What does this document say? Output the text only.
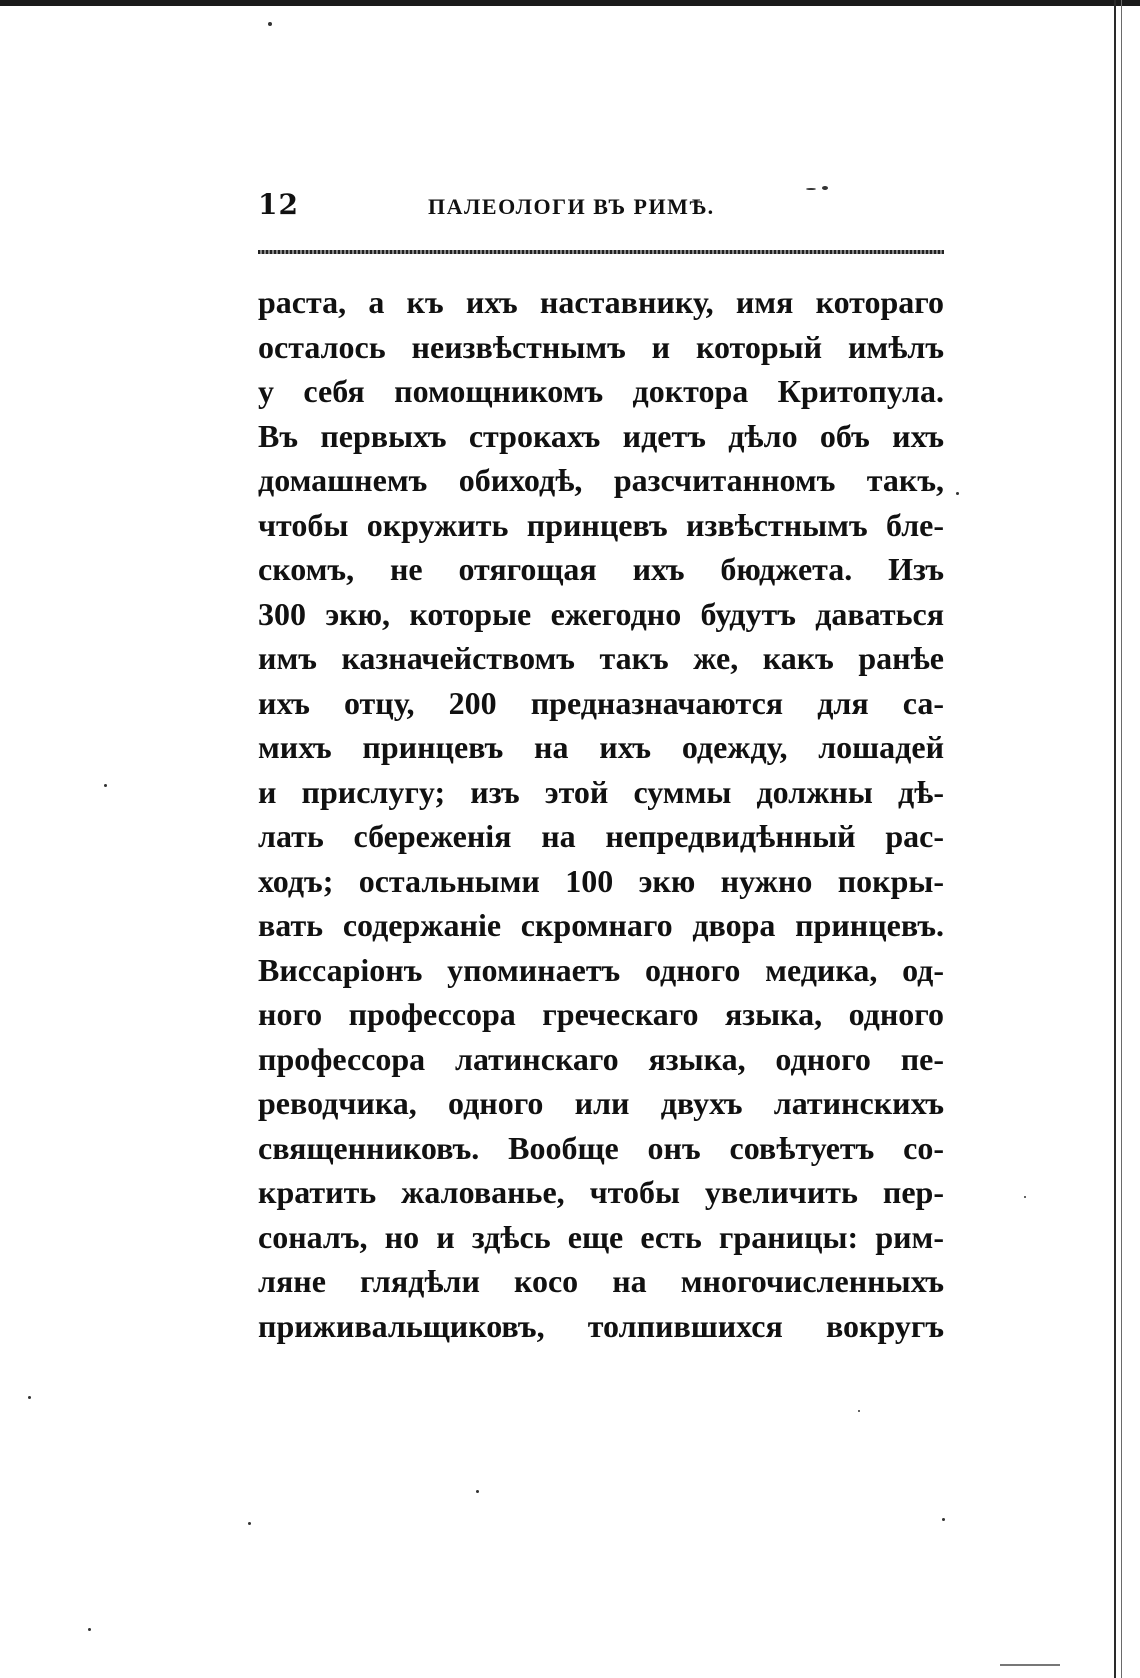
12	ПАЛЕОЛОГИ ВЪ РИМѢ.
раста, а къ ихъ наставнику, имя котораго
осталось неизвѣстнымъ и который имѣлъ
у себя помощникомъ доктора Критопула.
Въ первыхъ строкахъ идетъ дѣло объ ихъ
домашнемъ обиходѣ, разсчитанномъ такъ,
чтобы окружить принцевъ извѣстнымъ бле-
скомъ, не отягощая ихъ бюджета. Изъ
300 экю, которые ежегодно будутъ даваться
имъ казначействомъ такъ же, какъ ранѣе
ихъ отцу, 200 предназначаются для са-
михъ принцевъ на ихъ одежду, лошадей
и прислугу; изъ этой суммы должны дѣ-
лать сбереженія на непредвидѣнный рас-
ходъ; остальными 100 экю нужно покры-
вать содержаніе скромнаго двора принцевъ.
Виссаріонъ упоминаетъ одного медика, од-
ного профессора греческаго языка, одного
профессора латинскаго языка, одного пе-
реводчика, одного или двухъ латинскихъ
священниковъ. Вообще онъ совѣтуетъ со-
кратить жалованье, чтобы увеличить пер-
соналъ, но и здѣсь еще есть границы: рим-
ляне глядѣли косо на многочисленныхъ
приживальщиковъ, толпившихся вокругъ
